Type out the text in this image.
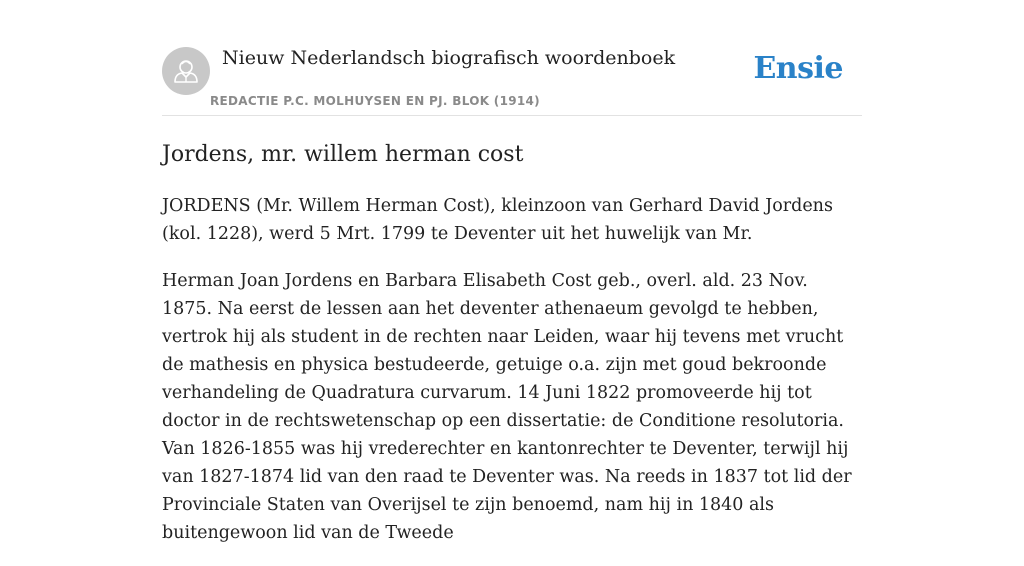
Nieuw Nederlandsch biografisch woordenboek
REDACTIE P.C. MOLHUYSEN EN PJ. BLOK (1914)
Ensie
Jordens, mr. willem herman cost

JORDENS (Mr. Willem Herman Cost), kleinzoon van Gerhard David Jordens (kol. 1228), werd 5 Mrt. 1799 te Deventer uit het huwelijk van Mr.

Herman Joan Jordens en Barbara Elisabeth Cost geb., overl. ald. 23 Nov. 1875. Na eerst de lessen aan het deventer athenaeum gevolgd te hebben, vertrok hij als student in de rechten naar Leiden, waar hij tevens met vrucht de mathesis en physica bestudeerde, getuige o.a. zijn met goud bekroonde verhandeling de Quadratura curvarum. 14 Juni 1822 promoveerde hij tot doctor in de rechtswetenschap op een dissertatie: de Conditione resolutoria. Van 1826-1855 was hij vrederechter en kantonrechter te Deventer, terwijl hij van 1827-1874 lid van den raad te Deventer was. Na reeds in 1837 tot lid der Provinciale Staten van Overijsel te zijn benoemd, nam hij in 1840 als buitengewoon lid van de Tweede
